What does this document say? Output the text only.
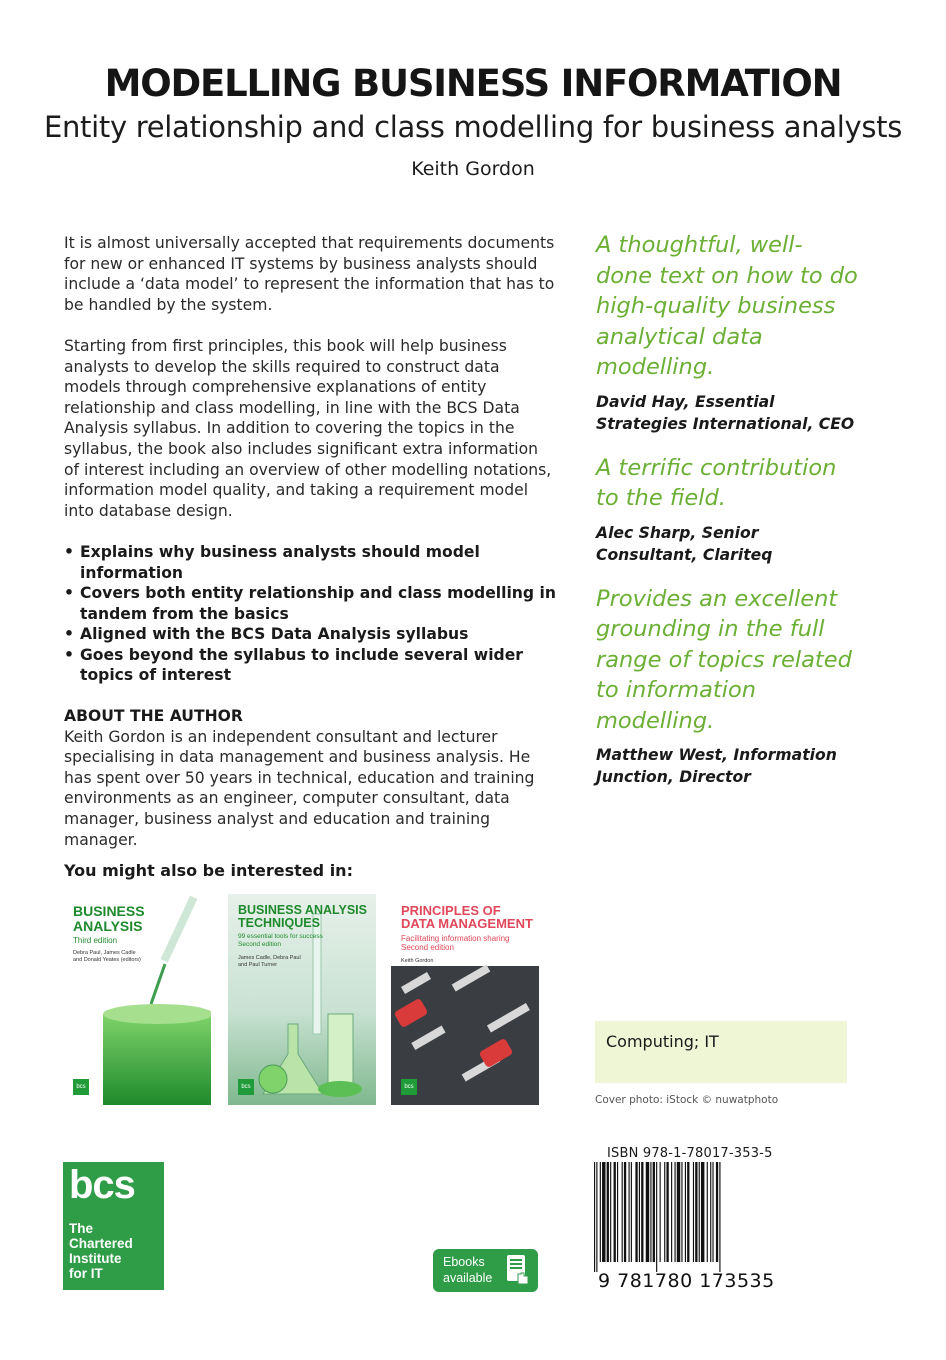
MODELLING BUSINESS INFORMATION
Entity relationship and class modelling for business analysts
Keith Gordon

It is almost universally accepted that requirements documents for new or enhanced IT systems by business analysts should include a ‘data model’ to represent the information that has to be handled by the system.

Starting from first principles, this book will help business analysts to develop the skills required to construct data models through comprehensive explanations of entity relationship and class modelling, in line with the BCS Data Analysis syllabus. In addition to covering the topics in the syllabus, the book also includes significant extra information of interest including an overview of other modelling notations, information model quality, and taking a requirement model into database design.

• Explains why business analysts should model information
• Covers both entity relationship and class modelling in tandem from the basics
• Aligned with the BCS Data Analysis syllabus
• Goes beyond the syllabus to include several wider topics of interest
ABOUT THE AUTHOR

Keith Gordon is an independent consultant and lecturer specialising in data management and business analysis. He has spent over 50 years in technical, education and training environments as an engineer, computer consultant, data manager, business analyst and education and training manager.

A thoughtful, well-done text on how to do high-quality business analytical data modelling.
David Hay, Essential Strategies International, CEO
A terrific contribution to the field.
Alec Sharp, Senior Consultant, Clariteq
Provides an excellent grounding in the full range of topics related to information modelling.
Matthew West, Information Junction, Director
You might also be interested in:
BUSINESS ANALYSIS
Third edition
Debra Paul, James Cadle and Donald Yeates (editors)
bcs
BUSINESS ANALYSIS TECHNIQUES
99 essential tools for success
Second edition
James Cadle, Debra Paul and Paul Turner
bcs
PRINCIPLES OF DATA MANAGEMENT
Facilitating information sharing
Second edition
Keith Gordon
bcs
Computing; IT
Cover photo: iStock © nuwatphoto
ISBN 978-1-78017-353-5
9 781780 173535
bcs
The
Chartered
Institute
for IT
Ebooks
available
